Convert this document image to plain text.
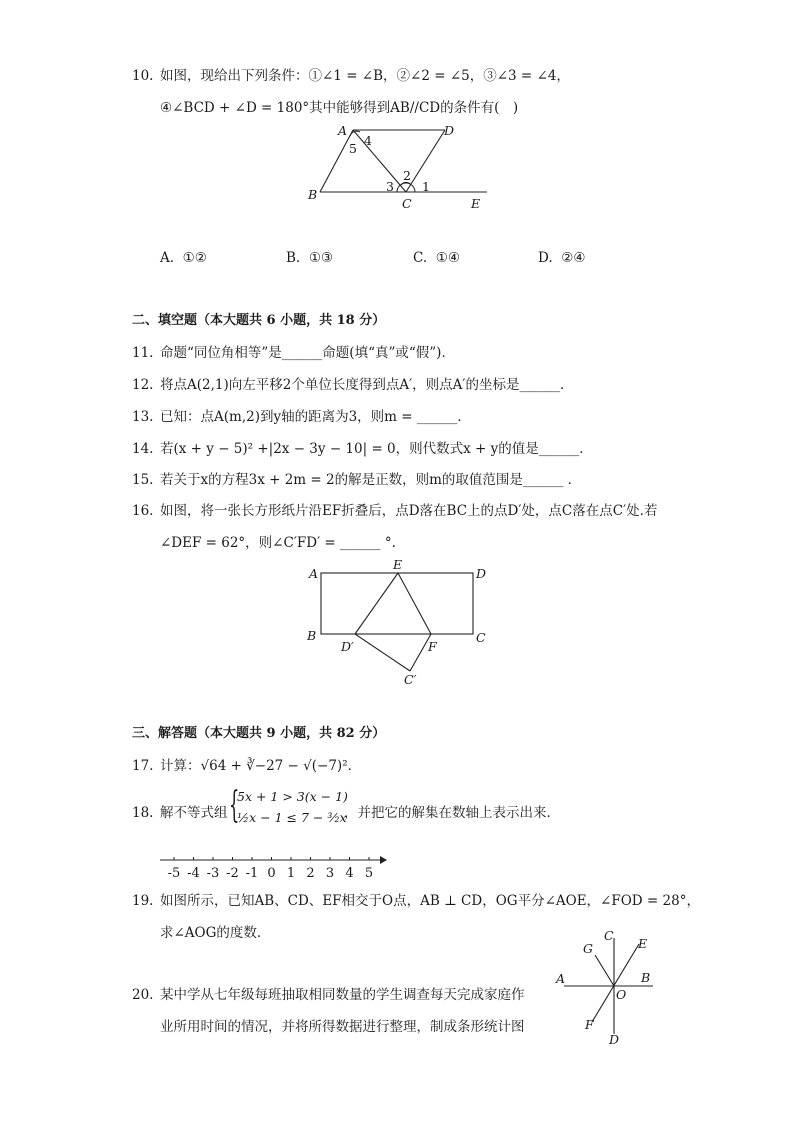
10. 如图，现给出下列条件：①∠1 = ∠B，②∠2 = ∠5，③∠3 = ∠4，
④∠BCD + ∠D = 180°其中能够得到AB//CD的条件有(　)
A	D
B
C	E
4
5
2
3 1
A. ①②	B. ①③	C. ①④	D. ②④
二、填空题（本大题共 6 小题，共 18 分）
11. 命题“同位角相等”是______命题(填“真”或“假”)．
12. 将点A(2,1)向左平移2个单位长度得到点A′，则点A′的坐标是______．
13. 已知：点A(m,2)到y轴的距离为3，则m = ______．
14. 若(x + y − 5)² +|2x − 3y − 10| = 0，则代数式x + y的值是______．
15. 若关于x的方程3x + 2m = 2的解是正数，则m的取值范围是______ ．
16. 如图，将一张长方形纸片沿EF折叠后，点D落在BC上的点D′处，点C落在点C′处.若
∠DEF = 62°，则∠C′FD′ = ______ °.
A
E
D
B	C
D′	F
C′
三、解答题（本大题共 9 小题，共 82 分）
17. 计算：√64 + ∛−27 − √(−7)²．
18. 解不等式组 {
5x + 1 > 3(x − 1)
½x − 1 ≤ 7 − ³⁄₂x
，并把它的解集在数轴上表示出来．
-5 -4 -3 -2 -1 0 1 2 3 4 5
19. 如图所示，已知AB、CD、EF相交于O点，AB ⊥ CD，OG平分∠AOE，∠FOD = 28°，
求∠AOG的度数．	C
G	E
A	B
O
F
D
20. 某中学从七年级每班抽取相同数量的学生调查每天完成家庭作
业所用时间的情况，并将所得数据进行整理，制成条形统计图
